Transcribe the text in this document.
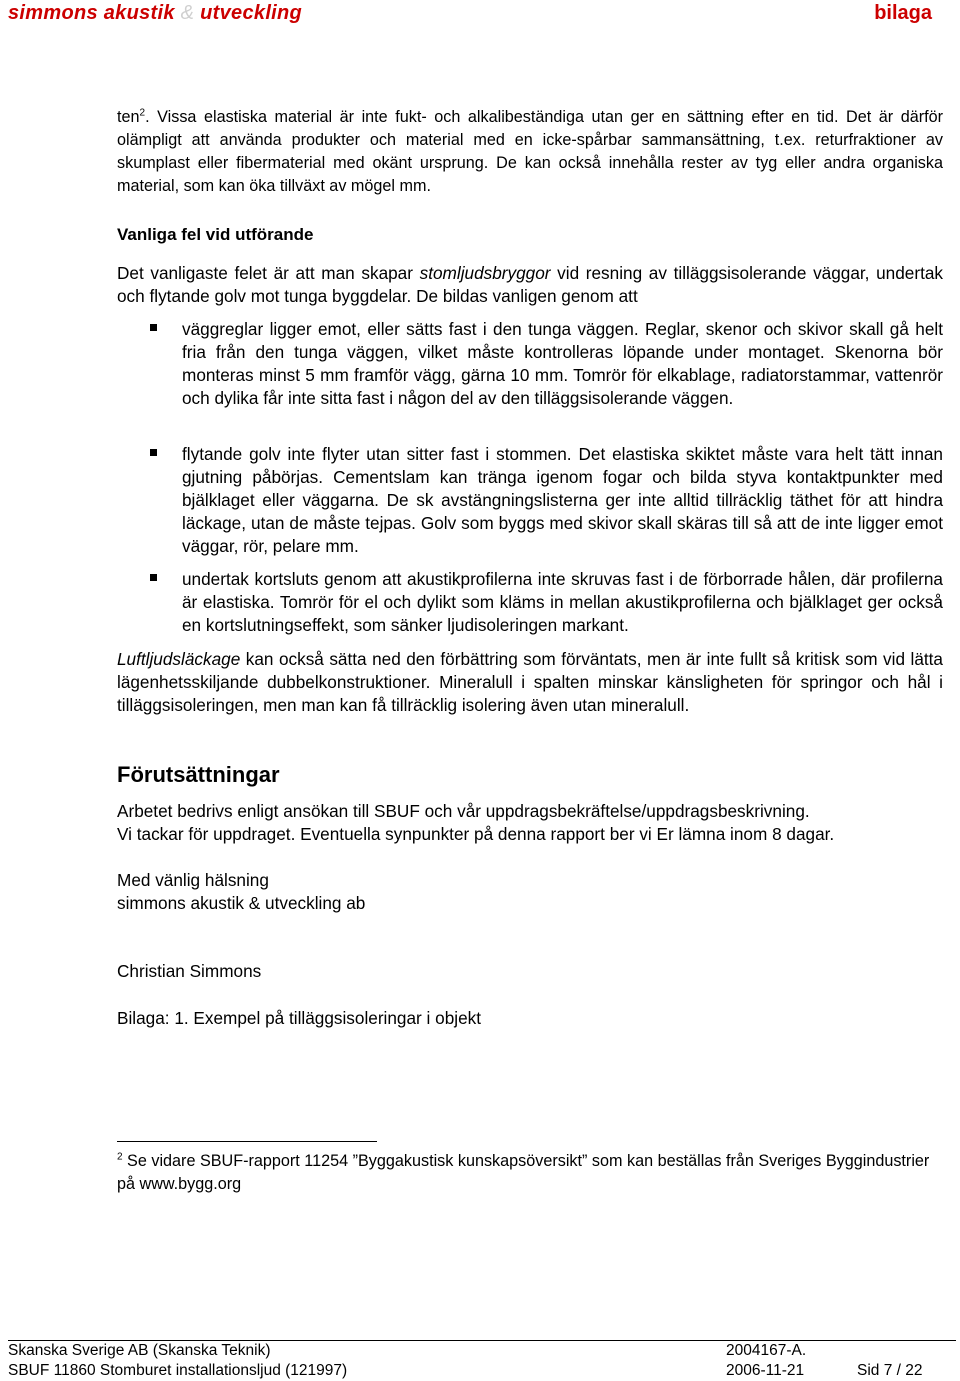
simmons akustik & utveckling	bilaga

ten$^2$. Vissa elastiska material är inte fukt- och alkalibeständiga utan ger en sättning efter en tid. Det är därför olämpligt att använda produkter och material med en icke-spårbar sammansättning, t.ex. returfraktioner av skumplast eller fibermaterial med okänt ursprung. De kan också innehålla rester av tyg eller andra organiska material, som kan öka tillväxt av mögel mm.

Vanliga fel vid utförande

Det vanligaste felet är att man skapar stomljudsbryggor vid resning av tilläggsisolerande väggar, undertak och flytande golv mot tunga byggdelar. De bildas vanligen genom att

väggreglar ligger emot, eller sätts fast i den tunga väggen. Reglar, skenor och skivor skall gå helt fria från den tunga väggen, vilket måste kontrolleras löpande under montaget. Skenorna bör monteras minst 5 mm framför vägg, gärna 10 mm. Tomrör för elkablage, radiatorstammar, vattenrör och dylika får inte sitta fast i någon del av den tilläggsisolerande väggen.
flytande golv inte flyter utan sitter fast i stommen. Det elastiska skiktet måste vara helt tätt innan gjutning påbörjas. Cementslam kan tränga igenom fogar och bilda styva kontaktpunkter med bjälklaget eller väggarna. De sk avstängningslisterna ger inte alltid tillräcklig täthet för att hindra läckage, utan de måste tejpas. Golv som byggs med skivor skall skäras till så att de inte ligger emot väggar, rör, pelare mm.
undertak kortsluts genom att akustikprofilerna inte skruvas fast i de förborrade hålen, där profilerna är elastiska. Tomrör för el och dylikt som kläms in mellan akustikprofilerna och bjälklaget ger också en kortslutningseffekt, som sänker ljudisoleringen markant.

Luftljudsläckage kan också sätta ned den förbättring som förväntats, men är inte fullt så kritisk som vid lätta lägenhetsskiljande dubbelkonstruktioner. Mineralull i spalten minskar känsligheten för springor och hål i tilläggsisoleringen, men man kan få tillräcklig isolering även utan mineralull.

Förutsättningar

Arbetet bedrivs enligt ansökan till SBUF och vår uppdragsbekräftelse/uppdragsbeskrivning.

Vi tackar för uppdraget. Eventuella synpunkter på denna rapport ber vi Er lämna inom 8 dagar.

Med vänlig hälsning

simmons akustik & utveckling ab

Christian Simmons

Bilaga: 1. Exempel på tilläggsisoleringar i objekt

$^2$ Se vidare SBUF-rapport 11254 ”Byggakustisk kunskapsöversikt” som kan beställas från Sveriges Byggindustrier på www.bygg.org

Skanska Sverige AB (Skanska Teknik)	2004167-A.
SBUF 11860 Stomburet installationsljud (121997)	2006-11-21	Sid 7 / 22
